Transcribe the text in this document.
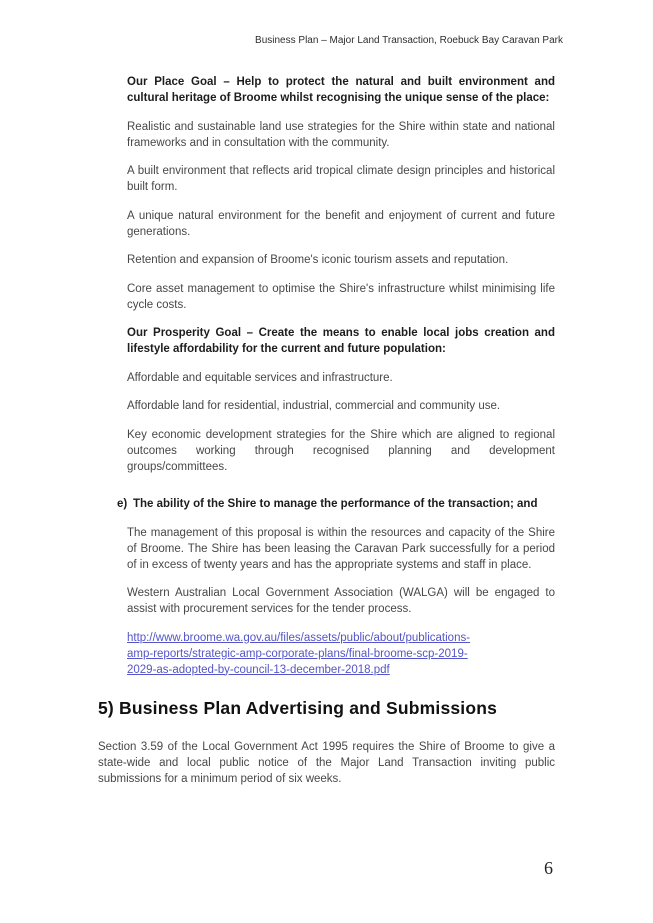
Business Plan – Major Land Transaction, Roebuck Bay Caravan Park

Our Place Goal – Help to protect the natural and built environment and cultural heritage of Broome whilst recognising the unique sense of the place:

Realistic and sustainable land use strategies for the Shire within state and national frameworks and in consultation with the community.

A built environment that reflects arid tropical climate design principles and historical built form.

A unique natural environment for the benefit and enjoyment of current and future generations.

Retention and expansion of Broome's iconic tourism assets and reputation.

Core asset management to optimise the Shire's infrastructure whilst minimising life cycle costs.

Our Prosperity Goal – Create the means to enable local jobs creation and lifestyle affordability for the current and future population:

Affordable and equitable services and infrastructure.

Affordable land for residential, industrial, commercial and community use.

Key economic development strategies for the Shire which are aligned to regional outcomes working through recognised planning and development groups/committees.

e) The ability of the Shire to manage the performance of the transaction; and

The management of this proposal is within the resources and capacity of the Shire of Broome. The Shire has been leasing the Caravan Park successfully for a period of in excess of twenty years and has the appropriate systems and staff in place.

Western Australian Local Government Association (WALGA) will be engaged to assist with procurement services for the tender process.

http://www.broome.wa.gov.au/files/assets/public/about/publications-
amp-reports/strategic-amp-corporate-plans/final-broome-scp-2019-
2029-as-adopted-by-council-13-december-2018.pdf
5) Business Plan Advertising and Submissions

Section 3.59 of the Local Government Act 1995 requires the Shire of Broome to give a state-wide and local public notice of the Major Land Transaction inviting public submissions for a minimum period of six weeks.

6
